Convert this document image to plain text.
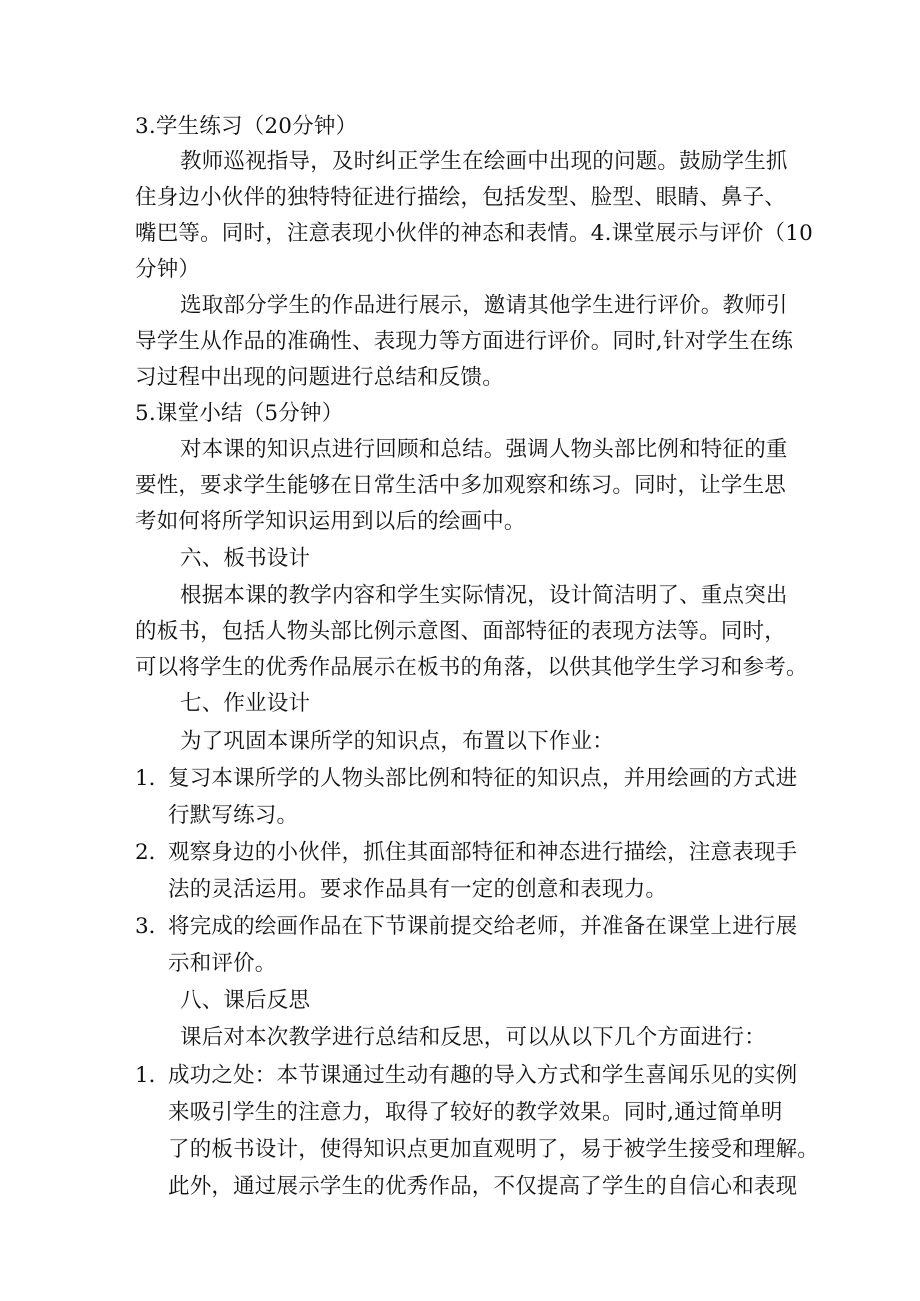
3.学生练习（20分钟）
教师巡视指导，及时纠正学生在绘画中出现的问题。鼓励学生抓
住身边小伙伴的独特特征进行描绘，包括发型、脸型、眼睛、鼻子、
嘴巴等。同时，注意表现小伙伴的神态和表情。4.课堂展示与评价（10
分钟）
选取部分学生的作品进行展示，邀请其他学生进行评价。教师引
导学生从作品的准确性、表现力等方面进行评价。同时,针对学生在练
习过程中出现的问题进行总结和反馈。
5.课堂小结（5分钟）
对本课的知识点进行回顾和总结。强调人物头部比例和特征的重
要性，要求学生能够在日常生活中多加观察和练习。同时，让学生思
考如何将所学知识运用到以后的绘画中。
六、板书设计
根据本课的教学内容和学生实际情况，设计简洁明了、重点突出
的板书，包括人物头部比例示意图、面部特征的表现方法等。同时，
可以将学生的优秀作品展示在板书的角落，以供其他学生学习和参考。
七、作业设计
为了巩固本课所学的知识点，布置以下作业：
1．
复习本课所学的人物头部比例和特征的知识点，并用绘画的方式进
行默写练习。
2．
观察身边的小伙伴，抓住其面部特征和神态进行描绘，注意表现手
法的灵活运用。要求作品具有一定的创意和表现力。
3．
将完成的绘画作品在下节课前提交给老师，并准备在课堂上进行展
示和评价。
八、课后反思
课后对本次教学进行总结和反思，可以从以下几个方面进行：
1．
成功之处：本节课通过生动有趣的导入方式和学生喜闻乐见的实例
来吸引学生的注意力，取得了较好的教学效果。同时,通过简单明
了的板书设计，使得知识点更加直观明了，易于被学生接受和理解。
此外，通过展示学生的优秀作品，不仅提高了学生的自信心和表现
